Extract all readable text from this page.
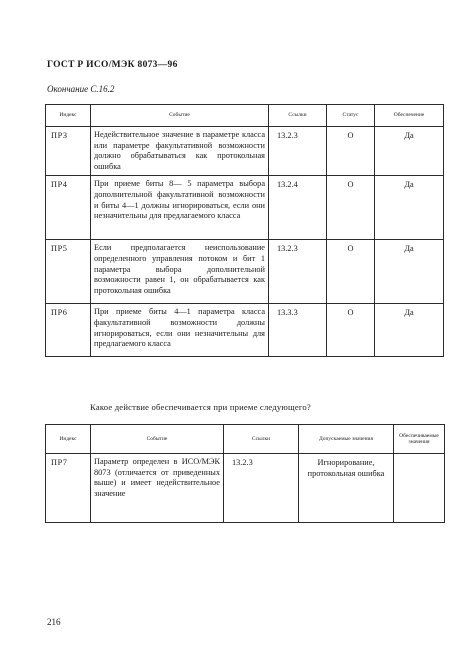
ГОСТ Р ИСО/МЭК 8073—96
Окончание С.16.2
Индекс	Событие	Ссылки	Статус	Обеспечение
ПРЗ	Недействительное значение в параметре класса или параметре факультативной возможности должно обрабатываться как протокольная ошибка	13.2.3	О	Да
ПР4	При приеме биты 8— 5 параметра выбора дополнительной факультативной возможности и биты 4—1 должны игнорироваться, если они незначительны для предлагаемого класса	13.2.4	О	Да
ПР5	Если предполагается неиспользование определенного управления потоком и бит 1 параметра выбора дополнительной возможности равен 1, он обрабатывается как протокольная ошибка	13.2.3	О	Да
ПР6	При приеме биты 4—1 параметра класса факультативной возможности должны игнорироваться, если они незначительны для предлагаемого класса	13.3.3	О	Да
Какое действие обеспечивается при приеме следующего?
Индекс	Событие	Ссылки	Допускаемые значения	Обеспечиваемые значения
ПР7	Параметр определен в ИСО/МЭК 8073 (отличается от приведенных выше) и имеет недействительное значение	13.2.3	Игнорирование, протокольная ошибка	
216
